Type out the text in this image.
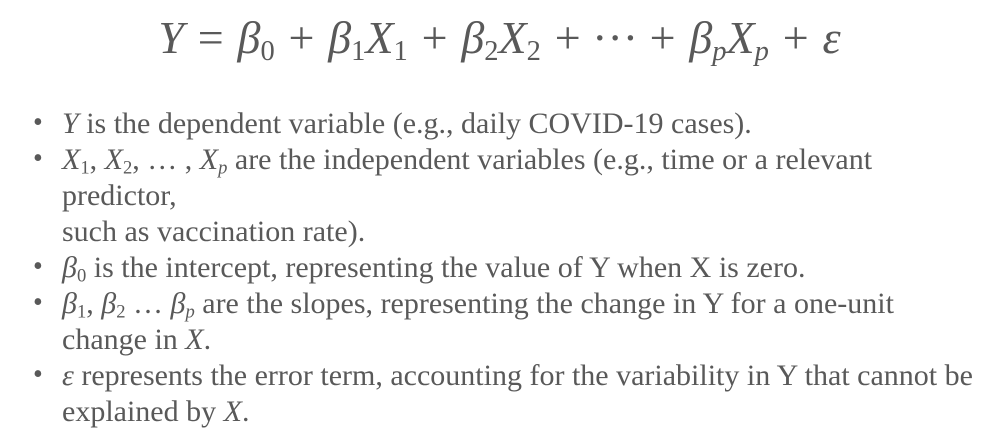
Y = β0 + β1X1 + β2X2 + ··· + βpXp + ε
• Y is the dependent variable (e.g., daily COVID-19 cases).
• X1, X2, … , Xp are the independent variables (e.g., time or a relevant predictor,
such as vaccination rate).
• β0 is the intercept, representing the value of Y when X is zero.
• β1, β2 … βp are the slopes, representing the change in Y for a one-unit
change in X.
• ε represents the error term, accounting for the variability in Y that cannot be
explained by X.
